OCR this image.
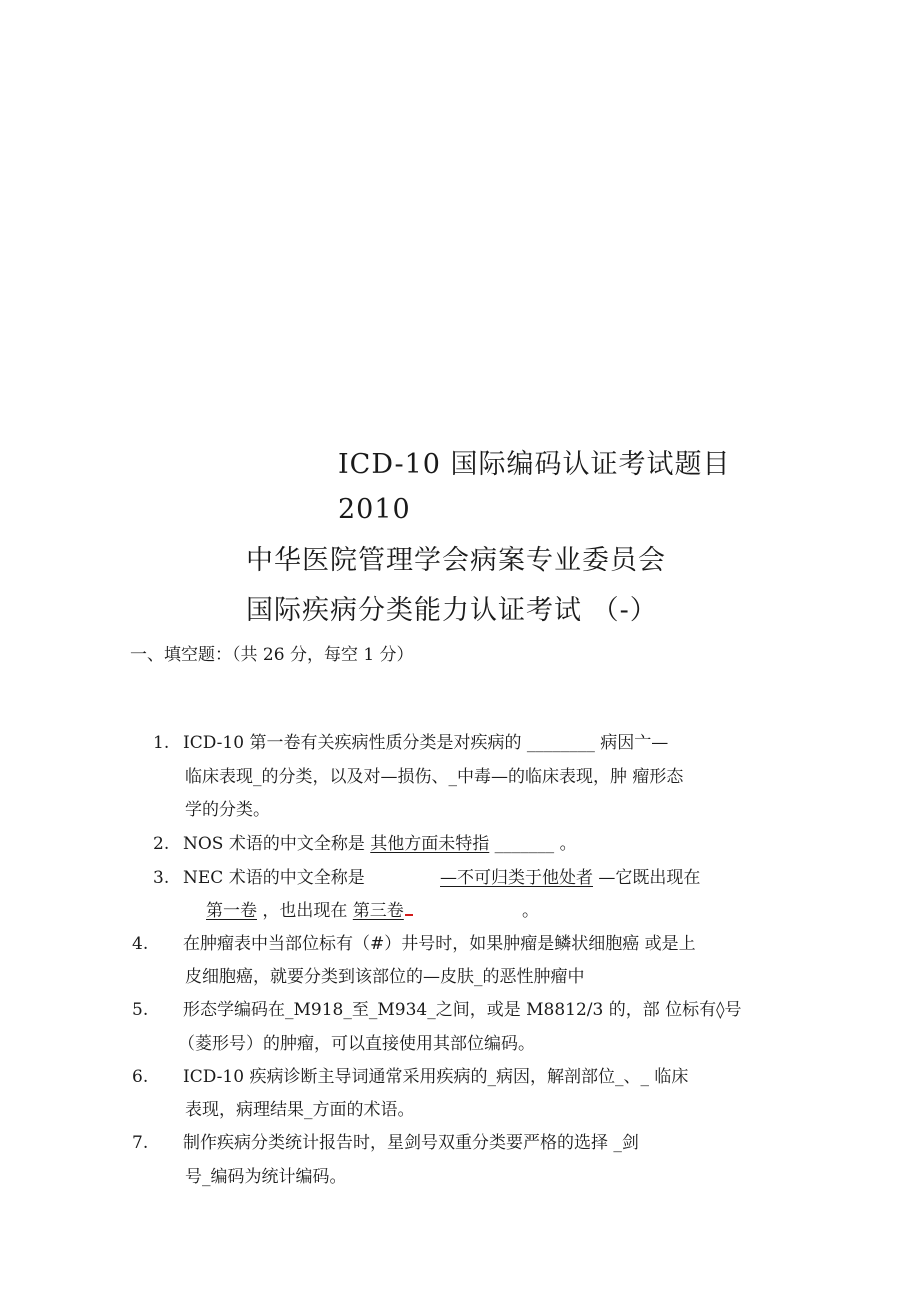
ICD-10 国际编码认证考试题目
2010
中华医院管理学会病案专业委员会
国际疾病分类能力认证考试 （-）
一、填空题：（共 26 分，每空 1 分）
1. ICD-10 第一卷有关疾病性质分类是对疾病的 ________ 病因亠—
临床表现_的分类，以及对—损伤、_中毒—的临床表现，肿 瘤形态
学的分类。
2. NOS 术语的中文全称是 其他方面未特指 _______ 。
3. NEC 术语的中文全称是	—不可归类于他处者 —它既出现在
第一卷 ，也出现在 第三卷	。
4. 在肿瘤表中当部位标有（#）井号时，如果肿瘤是鳞状细胞癌 或是上
皮细胞癌，就要分类到该部位的—皮肤_的恶性肿瘤中
5. 形态学编码在_M918_至_M934_之间，或是 M8812/3 的，部 位标有◊号
（菱形号）的肿瘤，可以直接使用其部位编码。
6. ICD-10 疾病诊断主导词通常采用疾病的_病因，解剖部位_、_ 临床
表现，病理结果_方面的术语。
7. 制作疾病分类统计报告时，星剑号双重分类要严格的选择 _剑
号_编码为统计编码。
